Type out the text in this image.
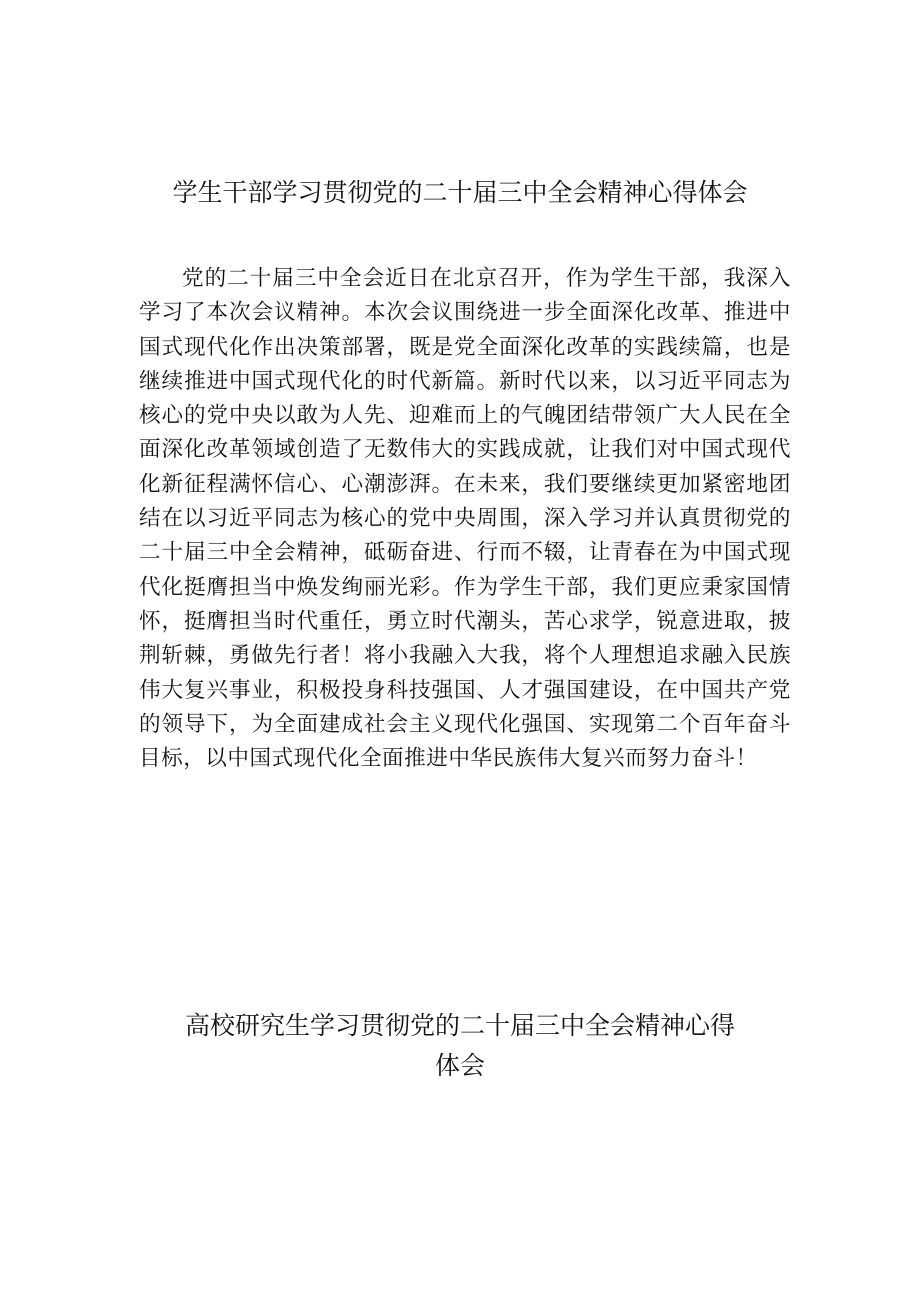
学生干部学习贯彻党的二十届三中全会精神心得体会

党的二十届三中全会近日在北京召开，作为学生干部，我深入学习了本次会议精神。本次会议围绕进一步全面深化改革、推进中国式现代化作出决策部署，既是党全面深化改革的实践续篇，也是继续推进中国式现代化的时代新篇。新时代以来，以习近平同志为核心的党中央以敢为人先、迎难而上的气魄团结带领广大人民在全面深化改革领域创造了无数伟大的实践成就，让我们对中国式现代化新征程满怀信心、心潮澎湃。在未来，我们要继续更加紧密地团结在以习近平同志为核心的党中央周围，深入学习并认真贯彻党的二十届三中全会精神，砥砺奋进、行而不辍，让青春在为中国式现代化挺膺担当中焕发绚丽光彩。作为学生干部，我们更应秉家国情怀，挺膺担当时代重任，勇立时代潮头，苦心求学，锐意进取，披荆斩棘，勇做先行者！将小我融入大我，将个人理想追求融入民族伟大复兴事业，积极投身科技强国、人才强国建设，在中国共产党的领导下，为全面建成社会主义现代化强国、实现第二个百年奋斗目标，以中国式现代化全面推进中华民族伟大复兴而努力奋斗！

高校研究生学习贯彻党的二十届三中全会精神心得体会
